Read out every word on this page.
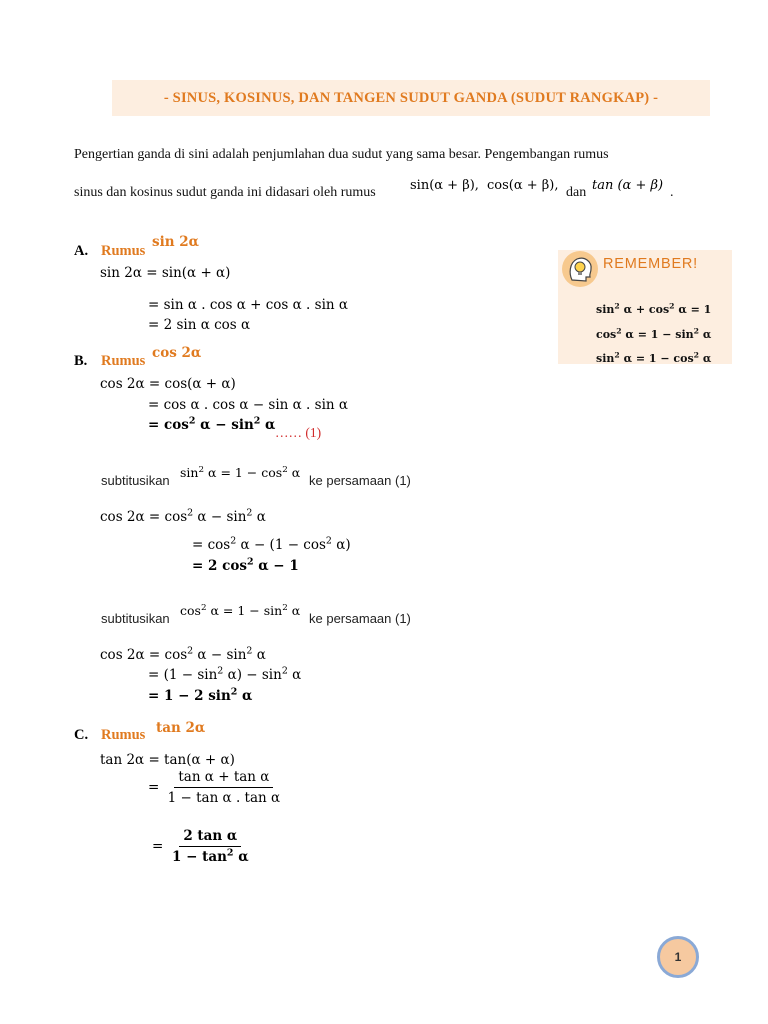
- SINUS, KOSINUS, DAN TANGEN SUDUT GANDA (SUDUT RANGKAP) -
Pengertian ganda di sini adalah penjumlahan dua sudut yang sama besar. Pengembangan rumus
sinus dan kosinus sudut ganda ini didasari oleh rumus	sin(α + β), cos(α + β), dan tan (α + β) .
A. Rumus
sin 2α
sin 2α = sin(α + α)
= sin α . cos α + cos α . sin α
= 2 sin α cos α
REMEMBER!
$\sin^2 \alpha + \cos^2 \alpha = 1$
$\cos^2 \alpha = 1 - \sin^2 \alpha$
$\sin^2 \alpha = 1 - \cos^2 \alpha$
B. Rumus cos 2α
cos 2α = cos(α + α)
= cos α . cos α − sin α . sin α
= $\cos^2 \alpha - \sin^2 \alpha$ …… (1)
subtitusikan
$\sin^2 \alpha = 1 - \cos^2 \alpha$
ke persamaan (1)
$\cos 2\alpha = \cos^2 \alpha - \sin^2 \alpha$
= $\cos^2 \alpha - (1 - \cos^2 \alpha)$
= 2 $\cos^2 \alpha - 1$
subtitusikan
$\cos^2 \alpha = 1 - \sin^2 \alpha$
ke persamaan (1)
$\cos 2\alpha = \cos^2 \alpha - \sin^2 \alpha$
= $(1 - \sin^2 \alpha) - \sin^2 \alpha$
= 1 − 2 $\sin^2 \alpha$
C. Rumus tan 2α
tan 2α = tan(α + α)
= $\frac{\text{tan α + tan α}}{\text{1 − tan α . tan α}}$
= $\frac{\text{2 tan α}}{1 - \tan^2 \alpha}$
1
